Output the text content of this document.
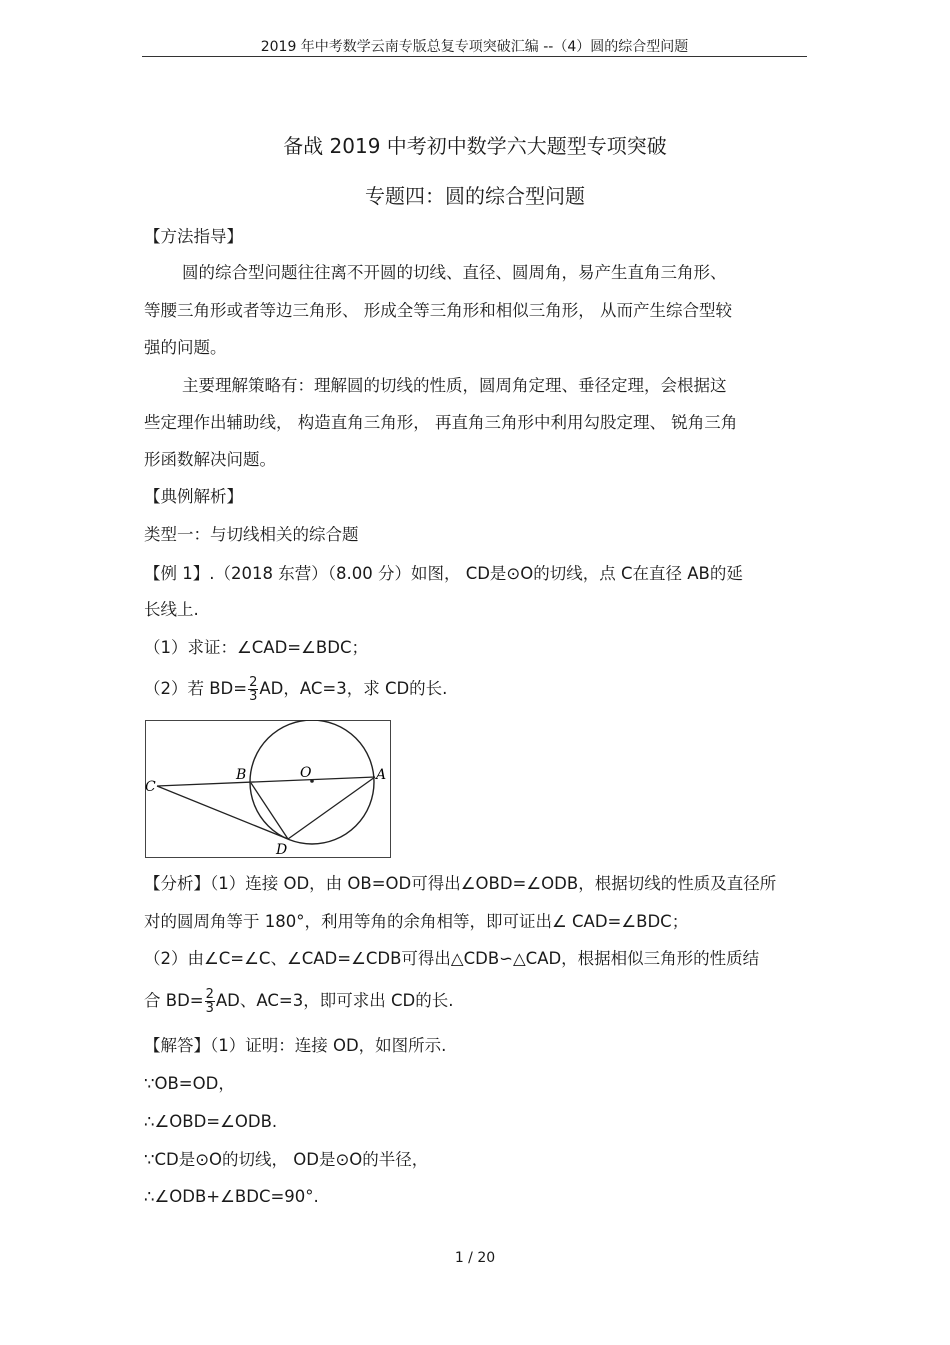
2019 年中考数学云南专版总复专项突破汇编 --（4）圆的综合型问题
备战 2019 中考初中数学六大题型专项突破
专题四：圆的综合型问题
【方法指导】
圆的综合型问题往往离不开圆的切线、直径、圆周角，易产生直角三角形、
等腰三角形或者等边三角形、 形成全等三角形和相似三角形， 从而产生综合型较
强的问题。
主要理解策略有：理解圆的切线的性质，圆周角定理、垂径定理，会根据这
些定理作出辅助线， 构造直角三角形， 再直角三角形中利用勾股定理、 锐角三角
形函数解决问题。
【典例解析】
类型一：与切线相关的综合题
【例 1】.（2018 东营）（8.00 分）如图， CD是⊙O的切线，点 C在直径 AB的延
长线上.
（1）求证：∠CAD=∠BDC；
（2）若 $BD= \frac{2}{3}$ AD，AC=3，求 CD的长.
C
B	O	A
D
【分析】（1）连接 OD，由 OB=OD可得出∠OBD=∠ODB，根据切线的性质及直径所
对的圆周角等于 180°，利用等角的余角相等，即可证出∠ CAD=∠BDC；
（2）由∠C=∠C、∠CAD=∠CDB可得出△CDB∽△CAD，根据相似三角形的性质结
合 $BD= \frac{2}{3}$ AD、AC=3，即可求出 CD的长.
【解答】（1）证明：连接 OD，如图所示.
∵OB=OD，
∴∠OBD=∠ODB.
∵CD是⊙O的切线， OD是⊙O的半径，
∴∠ODB+∠BDC=90°.
1 / 20
